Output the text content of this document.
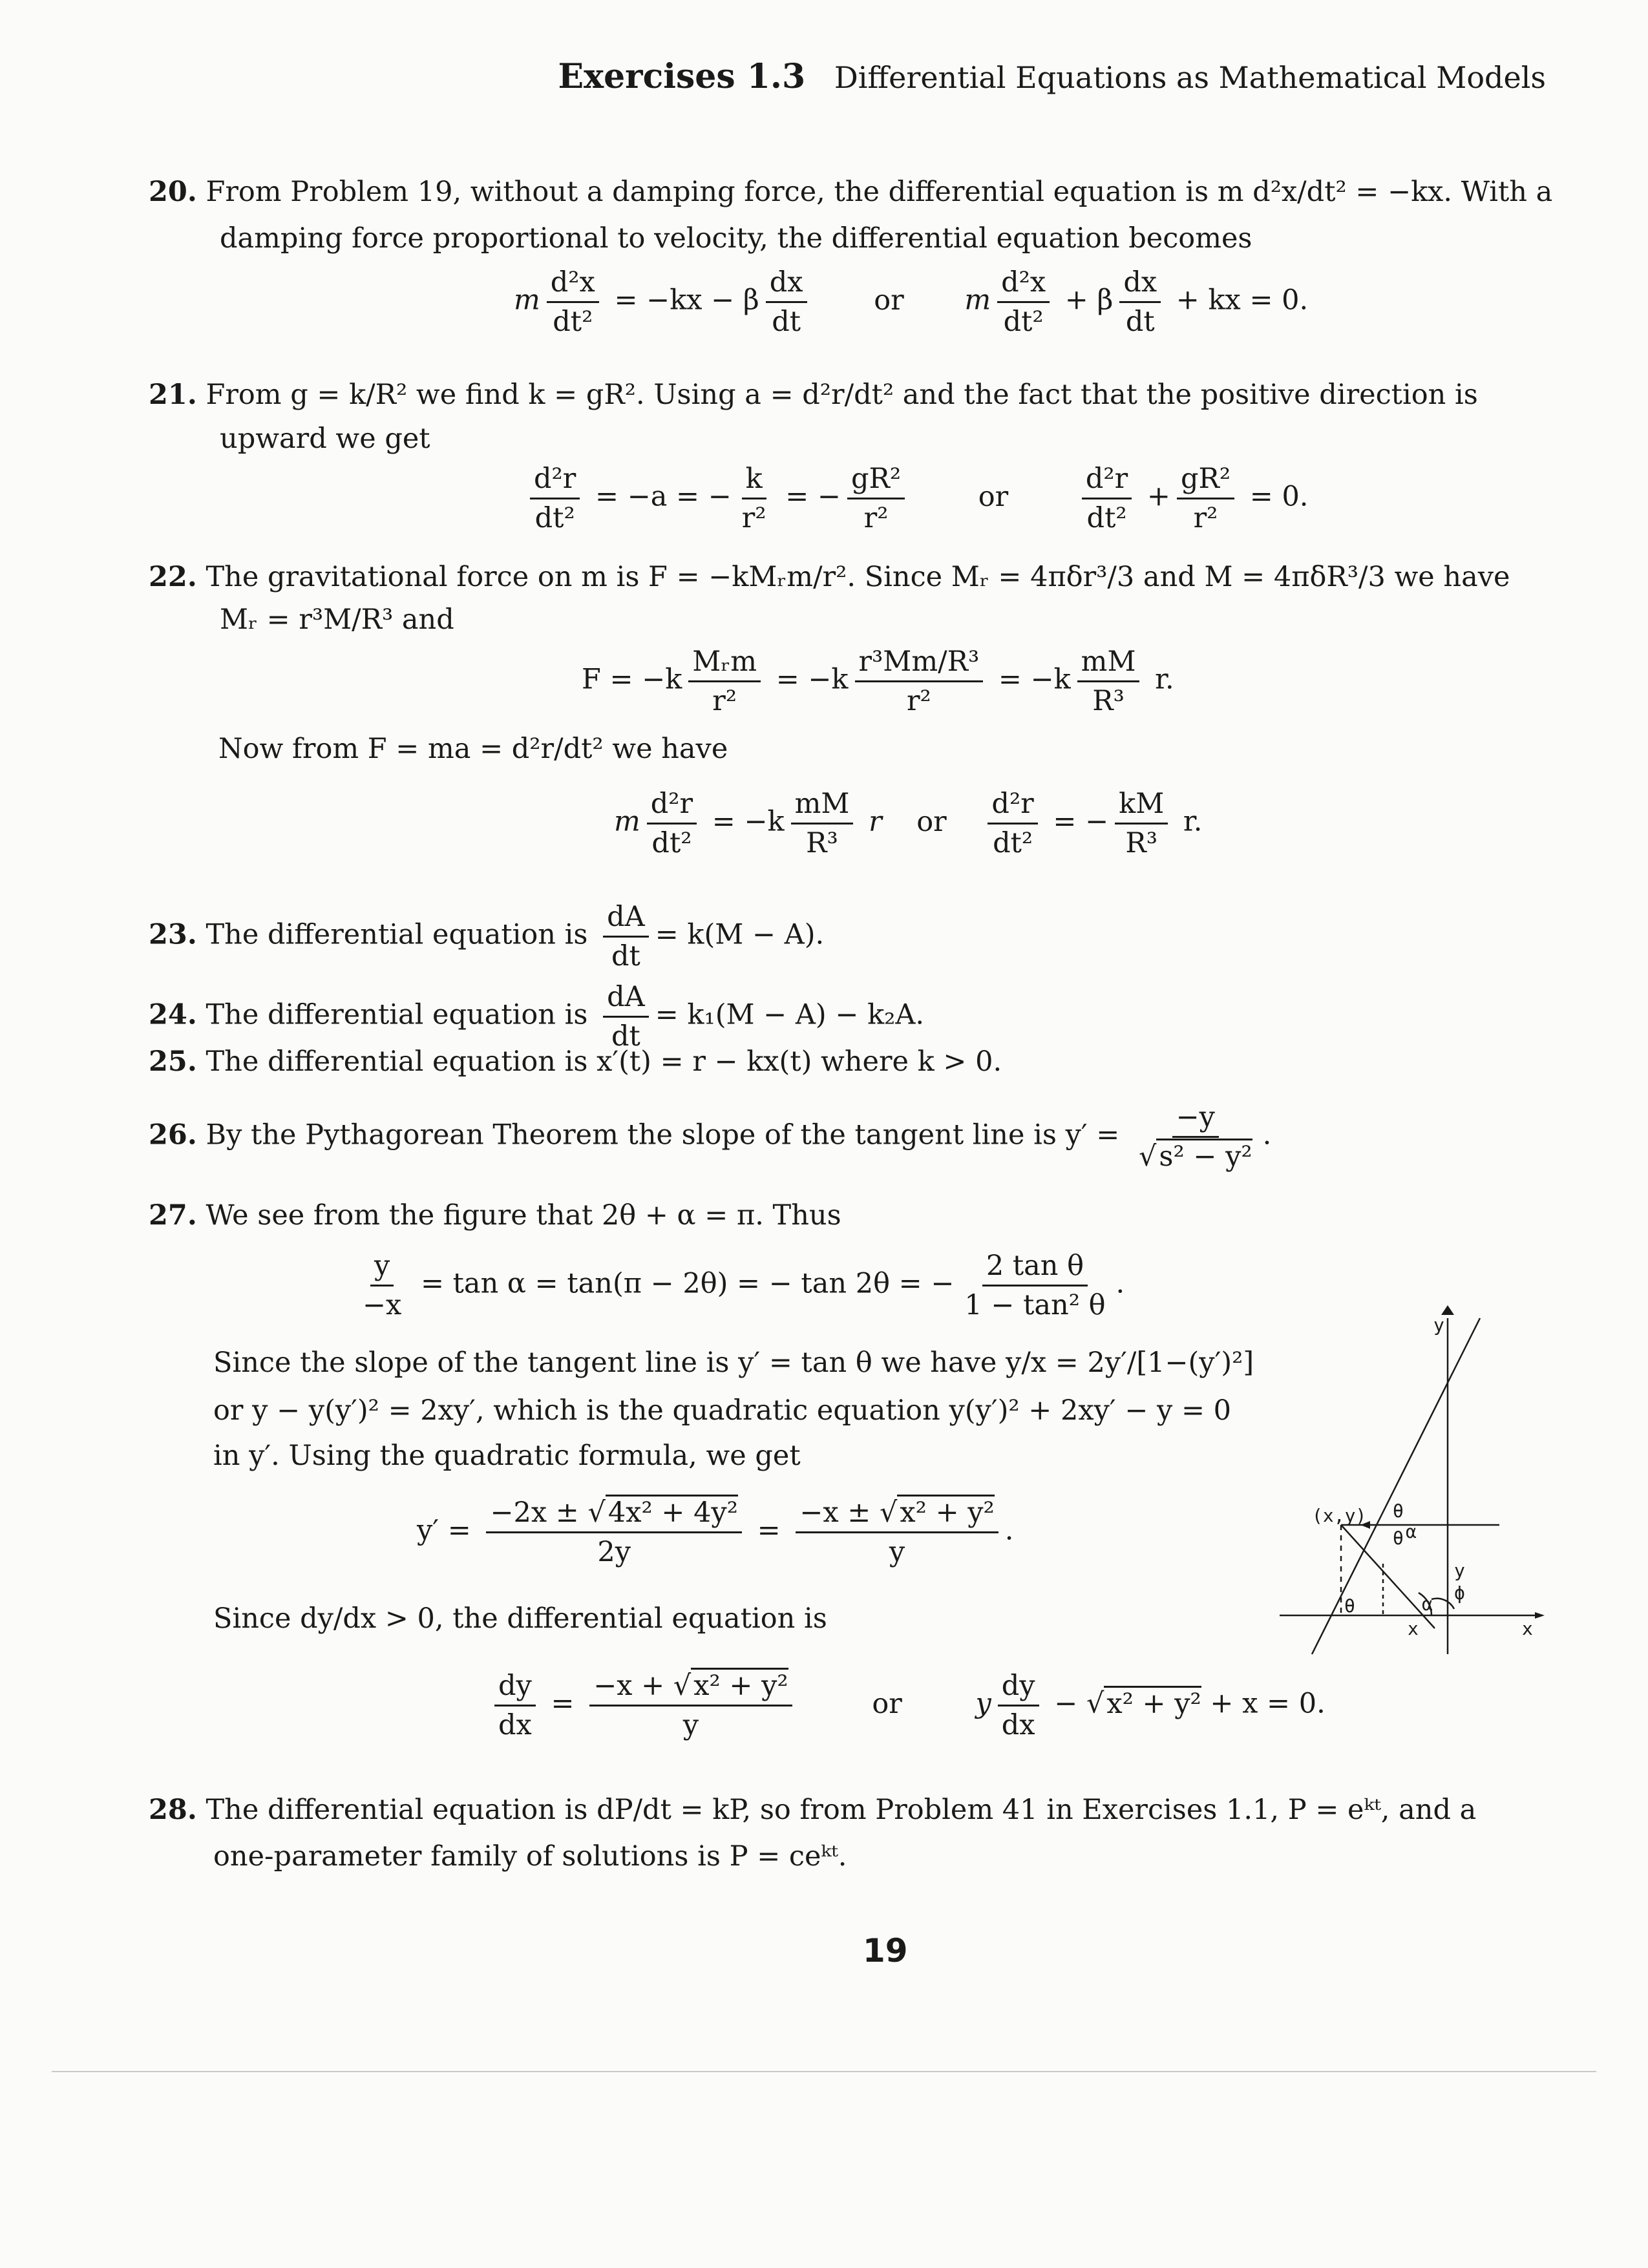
Exercises 1.3 Differential Equations as Mathematical Models
20. From Problem 19, without a damping force, the differential equation is m d²x/dt² = −kx. With a
damping force proportional to velocity, the differential equation becomes
m $\frac{\text{d²x}}{\text{dt²}} = -kx - \beta \frac{dx}{dt}$ or m $\frac{\text{d²x}}{\text{dt²}} + \beta \frac{dx}{dt}$ + kx = 0.
21. From g = k/R² we find k = gR². Using a = d²r/dt² and the fact that the positive direction is
upward we get
$\frac{\text{d²r}}{\text{dt²}} = -a$ = − $\frac{k}{\text{r²}}$ = − $\frac{\text{gR²}}{\text{r²}}$	or	$\frac{\text{d²r}}{\text{dt²}} + \frac{\text{gR²}}{\text{r²}} = 0$.
22. The gravitational force on m is F = −kMᵣm/r². Since Mᵣ = 4πδr³/3 and M = 4πδR³/3 we have
Mᵣ = r³M/R³ and
$F = -k \frac{\text{Mᵣm}}{\text{r²}} = -k \frac{\text{r³Mm/R³}}{\text{r²}} = -k \frac{mM}{\text{R³}} r$.
Now from F = ma = d²r/dt² we have
m $\frac{\text{d²r}}{\text{dt²}} = -k \frac{mM}{\text{R³}}$ r or $\frac{\text{d²r}}{\text{dt²}}$ = − $\frac{kM}{\text{R³}} r$.
23. The differential equation is $\frac{dA}{dt} = k(M - A)$.
24. The differential equation is $\frac{dA}{dt} = k_1(M - A) - k_2A$.
25. The differential equation is x′(t) = r − kx(t) where k > 0.
26. By the Pythagorean Theorem the slope of the tangent line is $y' = \frac{-y}{\text{√s² − y²}}$ .
27. We see from the figure that 2θ + α = π. Thus
$\frac{y}{-x} = \tan \alpha = \tan(\pi - 2\theta)$ = − tan 2θ = − $\frac{\text{2 tan θ}}{\text{1 − tan² θ}}$ .
Since the slope of the tangent line is y′ = tan θ we have y/x = 2y′/[1−(y′)²]
or y − y(y′)² = 2xy′, which is the quadratic equation y(y′)² + 2xy′ − y = 0
in y′. Using the quadratic formula, we get
$y' = \frac{\text{−2x ± √4x² + 4y²}}{2y} = \frac{\text{−x ± √x² + y²}}{y}$ .
Since dy/dx > 0, the differential equation is
$\frac{dy}{dx} = \frac{\text{−x + √x² + y²}}{y}$	or	y $\frac{dy}{dx} - √x^2 + y^2 + x = 0$.
(x,y) θ
θ α
y
y
α
ϕ
θ
x	x
28. The differential equation is dP/dt = kP, so from Problem 41 in Exercises 1.1, P = eᵏᵗ, and a
one-parameter family of solutions is P = ceᵏᵗ.
19
